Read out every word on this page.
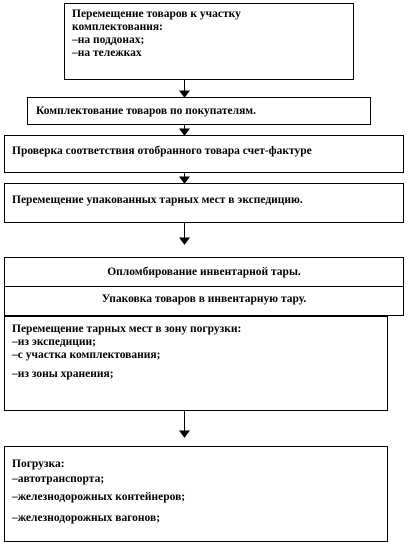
Перемещение товаров к участку
комплектования:
–на поддонах;
–на тележках
Комплектование товаров по покупателям.
Проверка соответствия отобранного товара счет-фактуре
Перемещение упакованных тарных мест в экспедицию.
Опломбирование инвентарной тары.
Упаковка товаров в инвентарную тару.
Перемещение тарных мест в зону погрузки:
–из экспедиции;
–с участка комплектования;
–из зоны хранения;
Погрузка:
–автотранспорта;
–железнодорожных контейнеров;
–железнодорожных вагонов;
